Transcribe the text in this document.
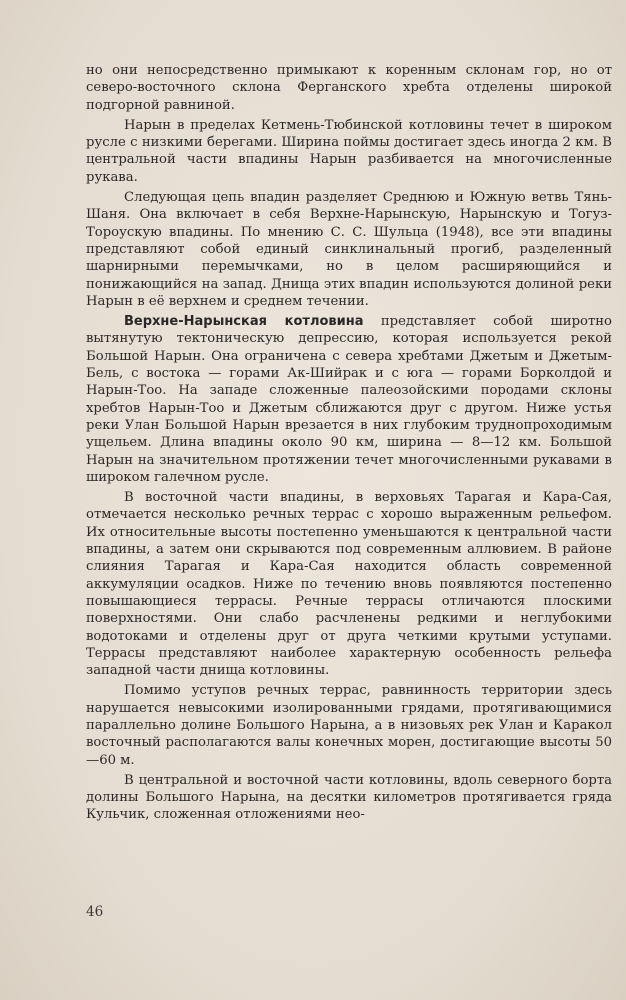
но они непосредственно примыкают к коренным склонам гор, но от северо-восточного склона Ферганского хребта отделены широкой подгорной равниной.

Нарын в пределах Кетмень-Тюбинской котловины течет в широком русле с низкими берегами. Ширина поймы достигает здесь иногда 2 км. В центральной части впадины Нарын разбивается на многочисленные рукава.

Следующая цепь впадин разделяет Среднюю и Южную ветвь Тянь-Шаня. Она включает в себя Верхне-Нарынскую, Нарынскую и Тогуз-Тороускую впадины. По мнению С. С. Шульца (1948), все эти впадины представляют собой единый синклинальный прогиб, разделенный шарнирными перемычками, но в целом расширяющийся и понижающийся на запад. Днища этих впадин используются долиной реки Нарын в её верхнем и среднем течении.

Верхне-Нарынская котловина представляет собой широтно вытянутую тектоническую депрессию, которая используется рекой Большой Нарын. Она ограничена с севера хребтами Джетым и Джетым-Бель, с востока — горами Ак-Шийрак и с юга — горами Борколдой и Нарын-Тоо. На западе сложенные палеозойскими породами склоны хребтов Нарын-Тоо и Джетым сближаются друг с другом. Ниже устья реки Улан Большой Нарын врезается в них глубоким труднопроходимым ущельем. Длина впадины около 90 км, ширина — 8—12 км. Большой Нарын на значительном протяжении течет многочисленными рукавами в широком галечном русле.

В восточной части впадины, в верховьях Тарагая и Кара-Сая, отмечается несколько речных террас с хорошо выраженным рельефом. Их относительные высоты постепенно уменьшаются к центральной части впадины, а затем они скрываются под современным аллювием. В районе слияния Тарагая и Кара-Сая находится область современной аккумуляции осадков. Ниже по течению вновь появляются постепенно повышающиеся террасы. Речные террасы отличаются плоскими поверхностями. Они слабо расчленены редкими и неглубокими водотоками и отделены друг от друга четкими крутыми уступами. Террасы представляют наиболее характерную особенность рельефа западной части днища котловины.

Помимо уступов речных террас, равнинность территории здесь нарушается невысокими изолированными грядами, протягивающимися параллельно долине Большого Нарына, а в низовьях рек Улан и Каракол восточный располагаются валы конечных морен, достигающие высоты 50—60 м.

В центральной и восточной части котловины, вдоль северного борта долины Большого Нарына, на десятки километров протягивается гряда Кульчик, сложенная отложениями нео-

46
